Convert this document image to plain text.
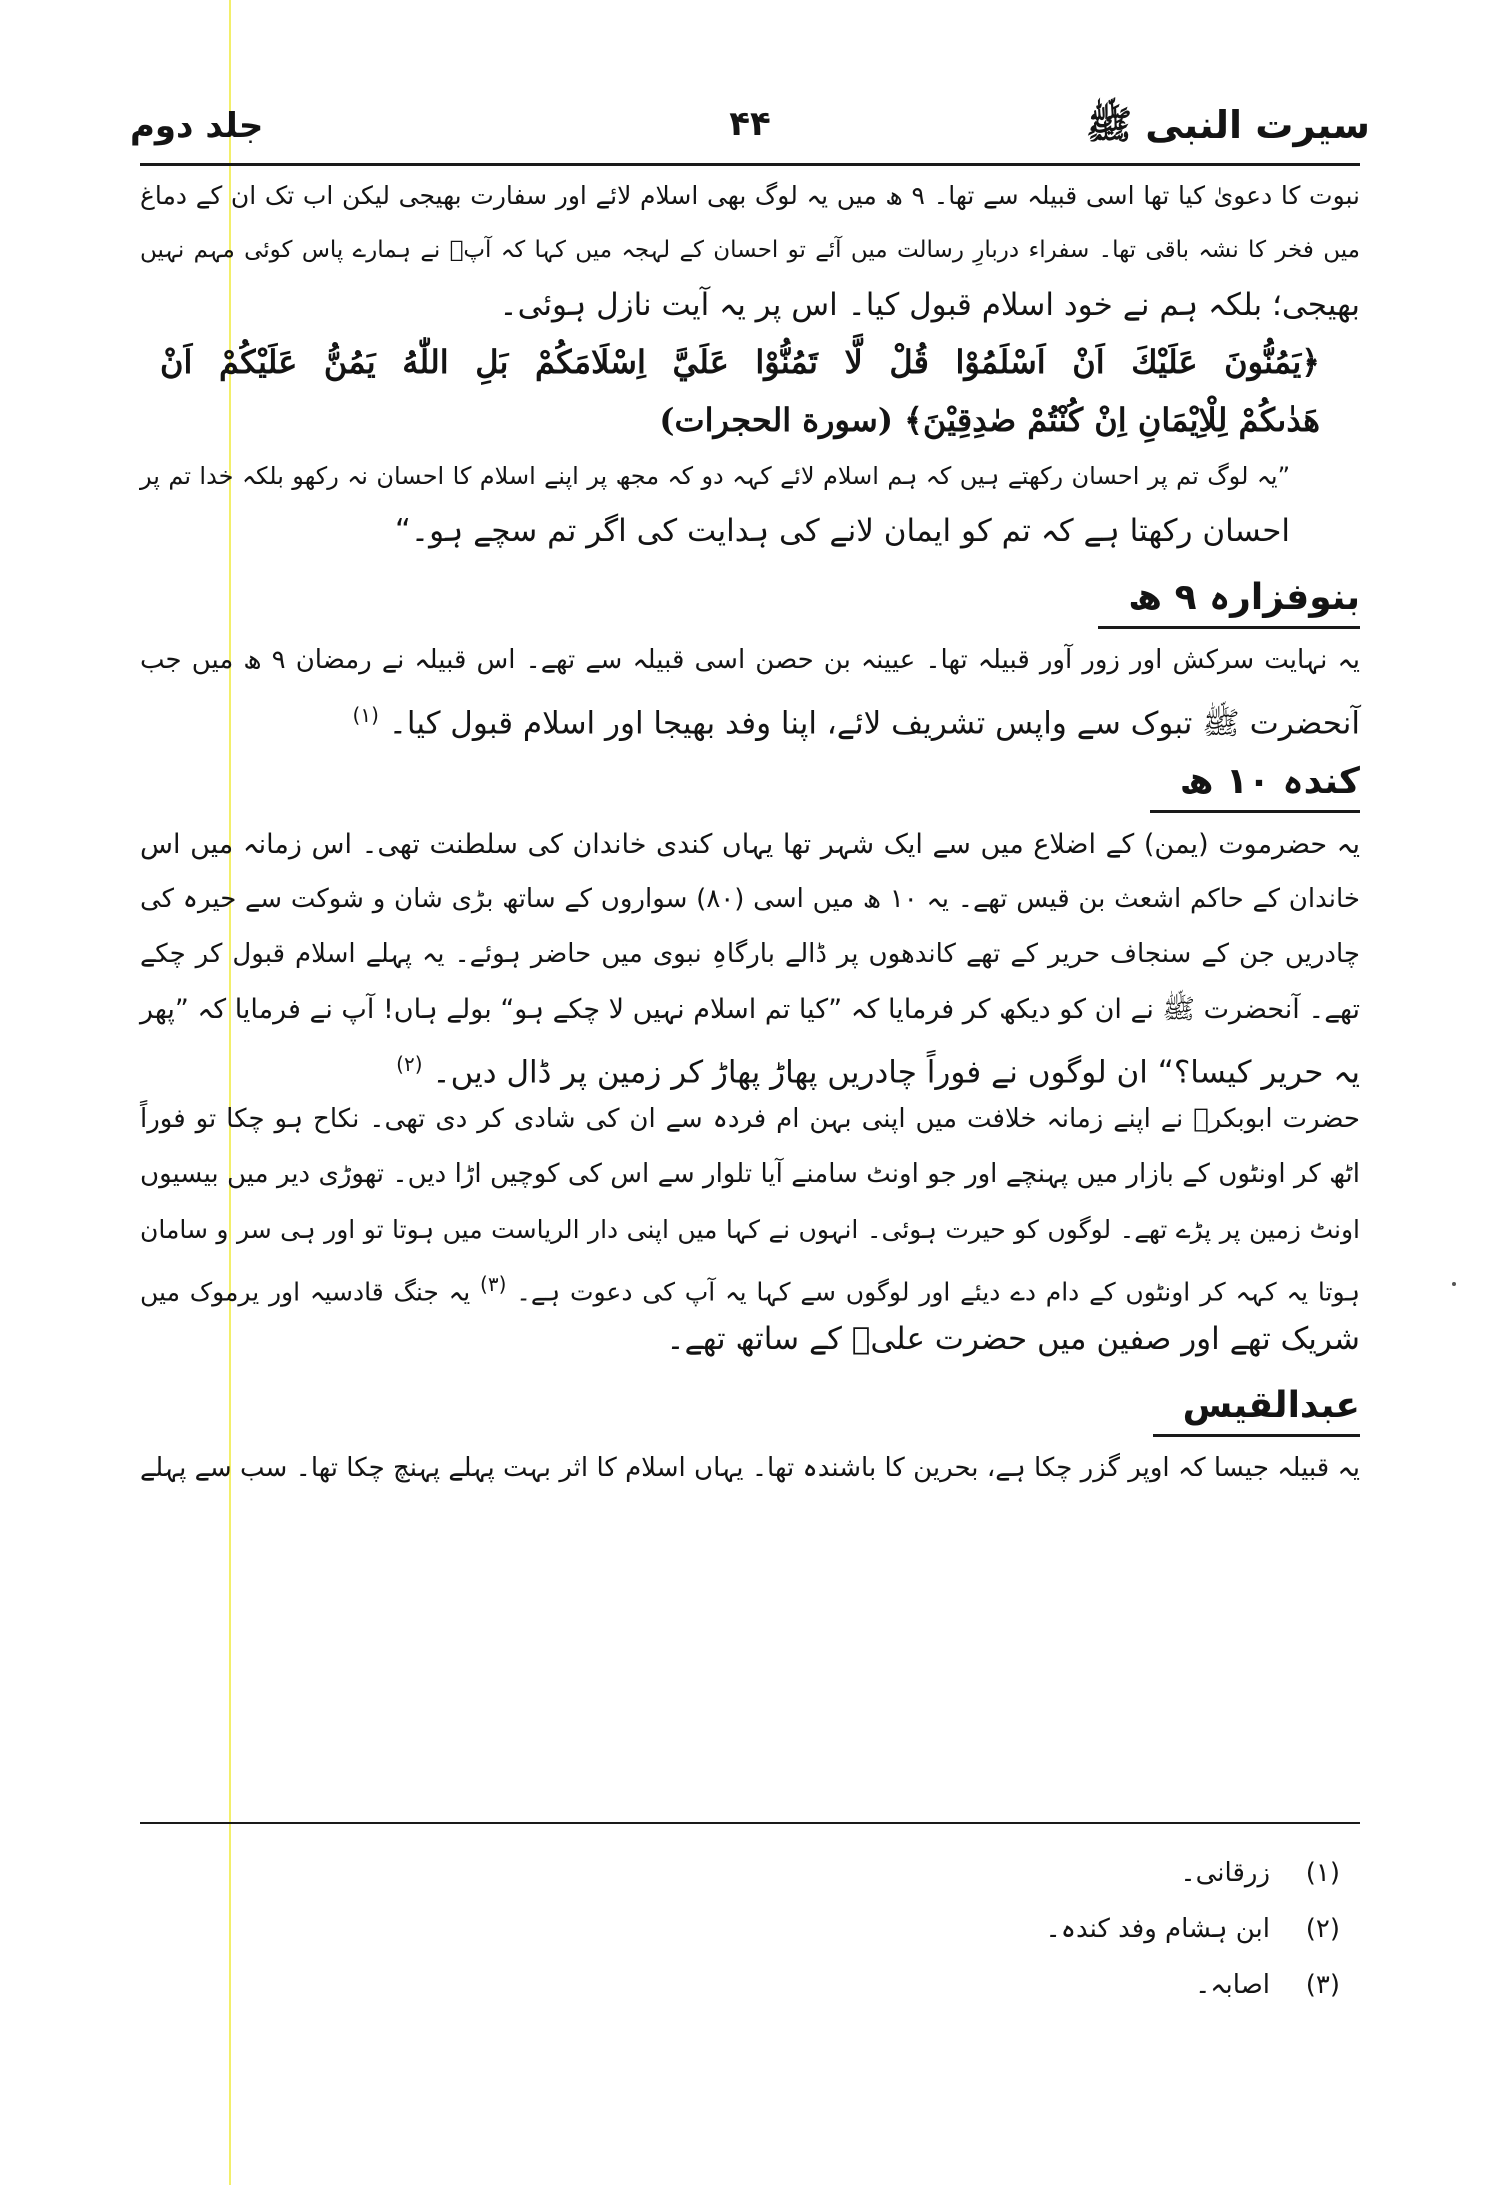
سیرت النبی ﷺ
۴۴
جلد دوم
نبوت کا دعویٰ کیا تھا اسی قبیلہ سے تھا۔ ۹ ھ میں یہ لوگ بھی اسلام لائے اور سفارت بھیجی لیکن اب تک ان کے دماغ
میں فخر کا نشہ باقی تھا۔ سفراء دربارِ رسالت میں آئے تو احسان کے لہجہ میں کہا کہ آپؐ نے ہمارے پاس کوئی مہم نہیں
بھیجی؛ بلکہ ہم نے خود اسلام قبول کیا۔ اس پر یہ آیت نازل ہوئی۔
﴿يَمُنُّونَ عَلَيْكَ اَنْ اَسْلَمُوْا قُلْ لَّا تَمُنُّوْا عَلَيَّ اِسْلَامَكُمْ بَلِ اللّٰهُ يَمُنُّ عَلَيْكُمْ اَنْ
هَدٰىكُمْ لِلْاِيْمَانِ اِنْ كُنْتُمْ صٰدِقِيْنَ﴾ (سورة الحجرات)
”یہ لوگ تم پر احسان رکھتے ہیں کہ ہم اسلام لائے کہہ دو کہ مجھ پر اپنے اسلام کا احسان نہ رکھو بلکہ خدا تم پر
احسان رکھتا ہے کہ تم کو ایمان لانے کی ہدایت کی اگر تم سچے ہو۔“
بنوفزارہ ۹ ھ
یہ نہایت سرکش اور زور آور قبیلہ تھا۔ عیینہ بن حصن اسی قبیلہ سے تھے۔ اس قبیلہ نے رمضان ۹ ھ میں جب
آنحضرت ﷺ تبوک سے واپس تشریف لائے، اپنا وفد بھیجا اور اسلام قبول کیا۔ $^{(۱)}$
کندہ ۱۰ ھ
یہ حضرموت (یمن) کے اضلاع میں سے ایک شہر تھا یہاں کندی خاندان کی سلطنت تھی۔ اس زمانہ میں اس
خاندان کے حاکم اشعث بن قیس تھے۔ یہ ۱۰ ھ میں اسی (۸۰) سواروں کے ساتھ بڑی شان و شوکت سے حیرہ کی
چادریں جن کے سنجاف حریر کے تھے کاندھوں پر ڈالے بارگاہِ نبوی میں حاضر ہوئے۔ یہ پہلے اسلام قبول کر چکے
تھے۔ آنحضرت ﷺ نے ان کو دیکھ کر فرمایا کہ ”کیا تم اسلام نہیں لا چکے ہو“ بولے ہاں! آپ نے فرمایا کہ ”پھر
یہ حریر کیسا؟“ ان لوگوں نے فوراً چادریں پھاڑ پھاڑ کر زمین پر ڈال دیں۔ $^{(۲)}$
حضرت ابوبکرؓ نے اپنے زمانہ خلافت میں اپنی بہن ام فردہ سے ان کی شادی کر دی تھی۔ نکاح ہو چکا تو فوراً
اٹھ کر اونٹوں کے بازار میں پہنچے اور جو اونٹ سامنے آیا تلوار سے اس کی کوچیں اڑا دیں۔ تھوڑی دیر میں بیسیوں
اونٹ زمین پر پڑے تھے۔ لوگوں کو حیرت ہوئی۔ انہوں نے کہا میں اپنی دار الریاست میں ہوتا تو اور ہی سر و سامان
ہوتا یہ کہہ کر اونٹوں کے دام دے دیئے اور لوگوں سے کہا یہ آپ کی دعوت ہے۔ $^{(۳)}$ یہ جنگ قادسیہ اور یرموک میں
شریک تھے اور صفین میں حضرت علیؓ کے ساتھ تھے۔
عبدالقیس
یہ قبیلہ جیسا کہ اوپر گزر چکا ہے، بحرین کا باشندہ تھا۔ یہاں اسلام کا اثر بہت پہلے پہنچ چکا تھا۔ سب سے پہلے
(۱)زرقانی۔
(۲)ابن ہشام وفد کندہ۔
(۳)اصابہ۔
